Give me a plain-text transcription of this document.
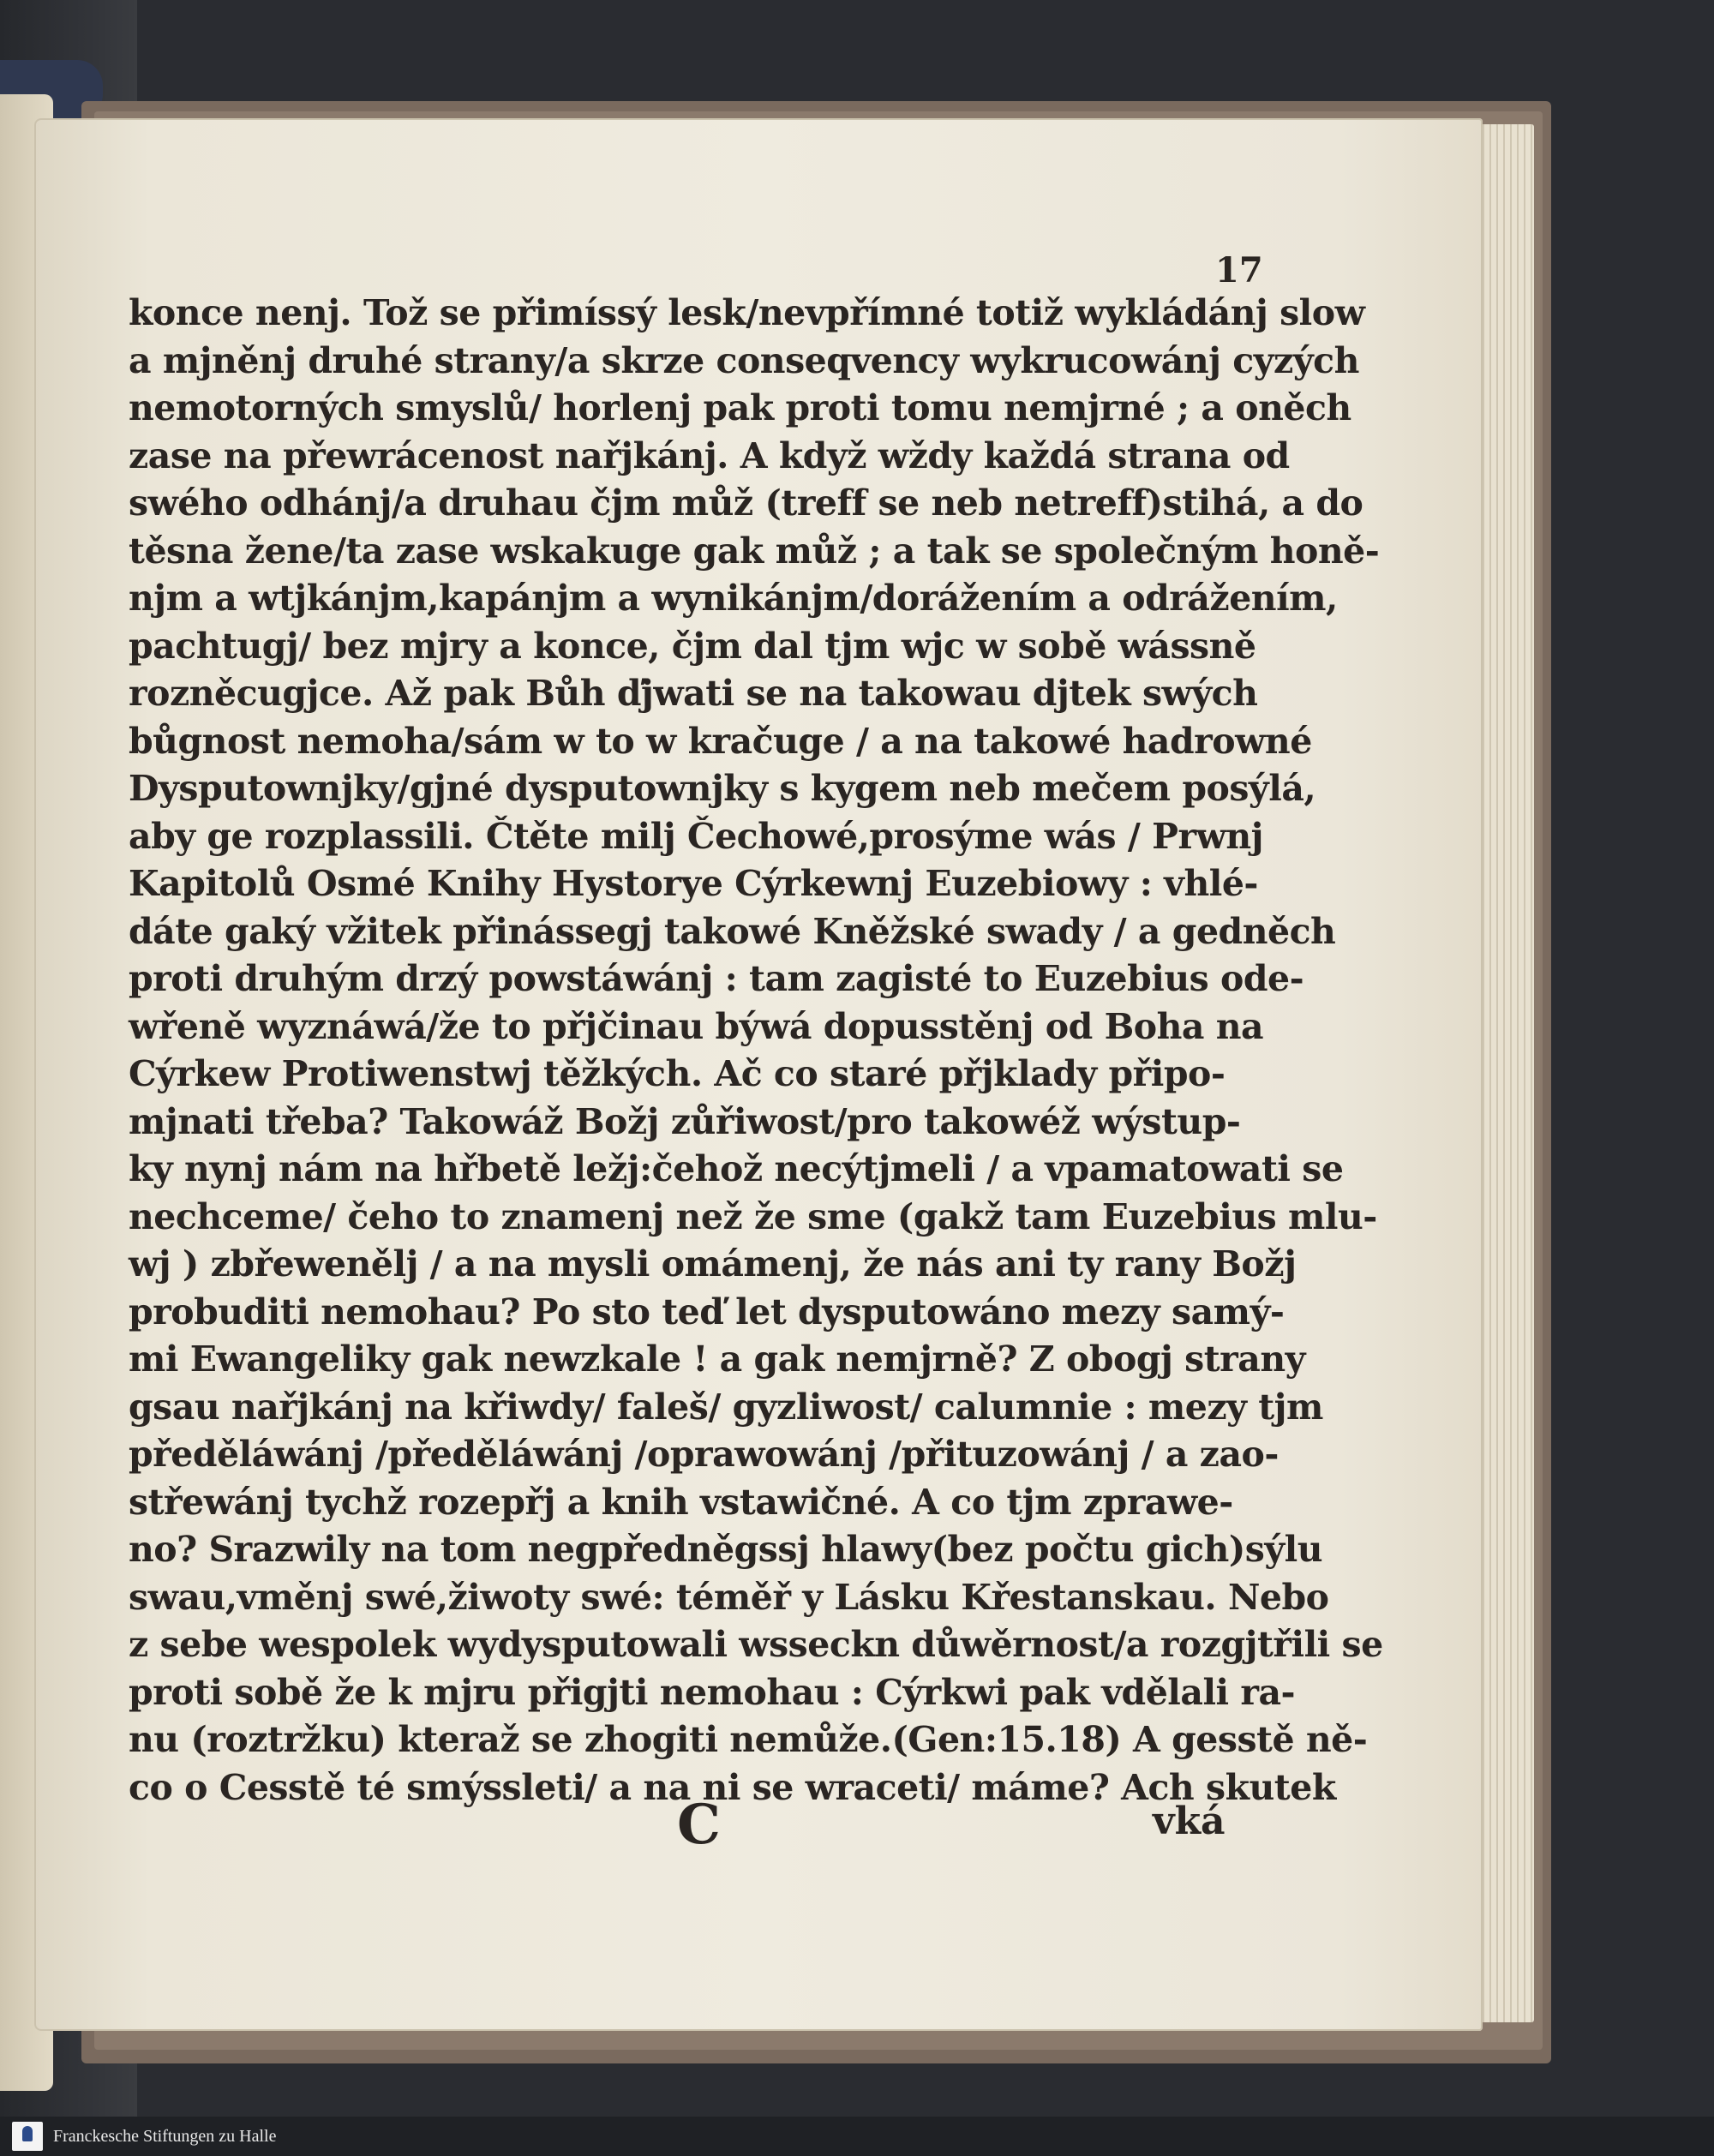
17
konce nenj. Tož se přimíssý lesk/nevpřímné totiž wykládánj slow
a mjněnj druhé strany/a skrze conseqvency wykrucowánj cyzých
nemotorných smyslů/ horlenj pak proti tomu nemjrné ; a oněch
zase na přewrácenost nařjkánj. A když wždy každá strana od
swého odhánj/a druhau čjm můž (treff se neb netreff)stihá, a do
těsna žene/ta zase wskakuge gak můž ; a tak se společným honě-
njm a wtjkánjm,kapánjm a wynikánjm/dorážením a odrážením,
pachtugj/ bez mjry a konce, čjm dal tjm wjc w sobě wássně
rozněcugjce. Až pak Bůh ďjwati se na takowau djtek swých
bůgnost nemoha/sám w to w kračuge / a na takowé hadrowné
Dysputownjky/gjné dysputownjky s kygem neb mečem posýlá,
aby ge rozplassili. Čtěte milj Čechowé,prosýme wás / Prwnj
Kapitolů Osmé Knihy Hystorye Cýrkewnj Euzebiowy : vhlé-
dáte gaký vžitek přinássegj takowé Kněžské swady / a gedněch
proti druhým drzý powstáwánj : tam zagisté to Euzebius ode-
wřeně wyznáwá/že to přjčinau býwá dopusstěnj od Boha na
Cýrkew Protiwenstwj těžkých. Ač co staré přjklady připo-
mjnati třeba? Takowáž Božj zůřiwost/pro takowéž wýstup-
ky nynj nám na hřbetě ležj:čehož necýtjmeli / a vpamatowati se
nechceme/ čeho to znamenj než že sme (gakž tam Euzebius mlu-
wj ) zbřewenělj / a na mysli omámenj, že nás ani ty rany Božj
probuditi nemohau? Po sto teď let dysputowáno mezy samý-
mi Ewangeliky gak newzkale ! a gak nemjrně? Z obogj strany
gsau nařjkánj na křiwdy/ faleš/ gyzliwost/ calumnie : mezy tjm
předěláwánj /předěláwánj /oprawowánj /přituzowánj / a zao-
střewánj tychž rozepřj a knih vstawičné. A co tjm zprawe-
no? Srazwily na tom negpředněgssj hlawy(bez počtu gich)sýlu
swau,vměnj swé,žiwoty swé: téměř y Lásku Křestanskau. Nebo
z sebe wespolek wydysputowali wsseckn důwěrnost/a rozgjtřili se
proti sobě že k mjru přigjti nemohau : Cýrkwi pak vdělali ra-
nu (roztržku) kteraž se zhogiti nemůže.(Gen:15.18) A gesstě ně-
co o Cesstě té smýssleti/ a na ni se wraceti/ máme? Ach skutek
C	vká
Franckesche Stiftungen zu Halle
